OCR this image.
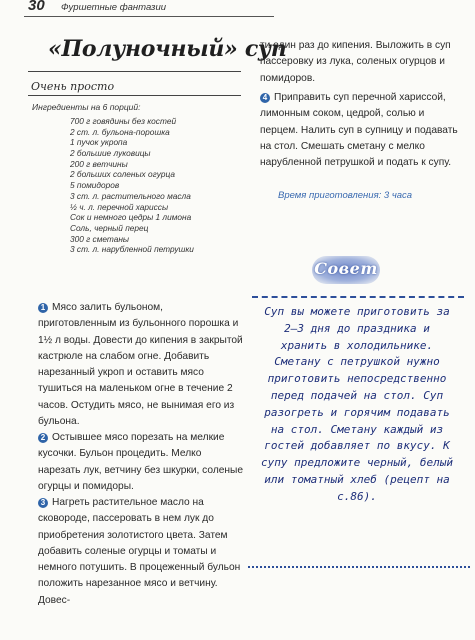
30 Фуршетные фантазии
«Полуночный» суп
Очень просто
Ингредиенты на 6 порций:
700 г говядины без костей
2 ст. л. бульона-порошка
1 пучок укропа
2 большие луковицы
200 г ветчины
2 больших соленых огурца
5 помидоров
3 ст. л. растительного масла
½ ч. л. перечной хариссы
Сок и немного цедры 1 лимона
Соль, черный перец
300 г сметаны
3 ст. л. нарубленной петрушки

1 Мясо залить бульоном, приготовленным из бульонного порошка и 1½ л воды. Довести до кипения в закрытой кастрюле на слабом огне. Добавить нарезанный укроп и оставить мясо тушиться на маленьком огне в течение 2 часов. Остудить мясо, не вынимая его из бульона.

2 Остывшее мясо порезать на мелкие кусочки. Бульон процедить. Мелко нарезать лук, ветчину без шкурки, соленые огурцы и помидоры.

3 Нагреть растительное масло на сковороде, пассеровать в нем лук до приобретения золотистого цвета. Затем добавить соленые огурцы и томаты и немного потушить. В процеженный бульон положить нарезанное мясо и ветчину. Довес-

ти один раз до кипения. Выложить в суп пассеровку из лука, соленых огурцов и помидоров.

4 Приправить суп перечной хариссой, лимонным соком, цедрой, солью и перцем. Налить суп в супницу и подавать на стол. Смешать сметану с мелко нарубленной петрушкой и подать к супу.

Время приготовления: 3 часа
Совет

Суп вы можете приготовить за 2–3 дня до праздника и хранить в холодильнике. Сметану с петрушкой нужно приготовить непосредственно перед подачей на стол. Суп разогреть и горячим подавать на стол. Сметану каждый из гостей добавляет по вкусу. К супу предложите черный, белый или томатный хлеб (рецепт на с.86).
